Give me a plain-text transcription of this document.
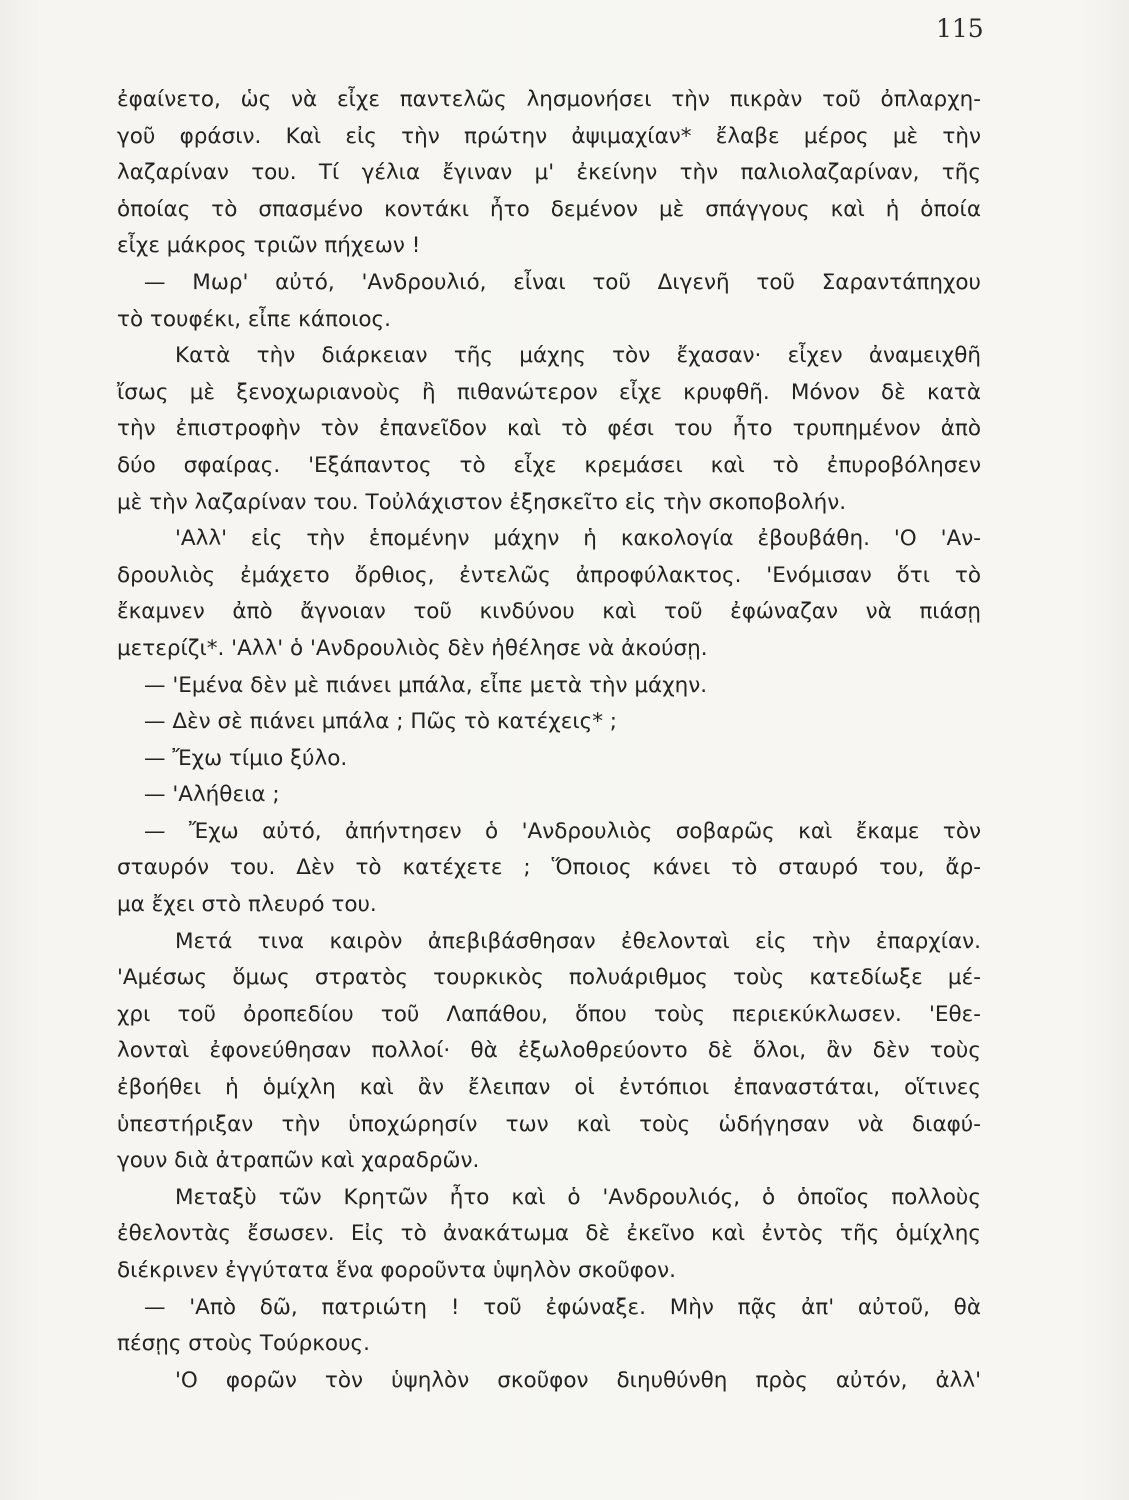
115
ἐφαίνετο, ὡς νὰ εἶχε παντελῶς λησμονήσει τὴν πικρὰν τοῦ ὀπλαρχη-
γοῦ φράσιν. Καὶ εἰς τὴν πρώτην ἀψιμαχίαν* ἔλαβε μέρος μὲ τὴν
λαζαρίναν του. Τί γέλια ἔγιναν μ' ἐκείνην τὴν παλιολαζαρίναν, τῆς
ὁποίας τὸ σπασμένο κοντάκι ἦτο δεμένον μὲ σπάγγους καὶ ἡ ὁποία
εἶχε μάκρος τριῶν πήχεων !
— Μωρ' αὐτό, 'Ανδρουλιό, εἶναι τοῦ Διγενῆ τοῦ Σαραντάπηχου
τὸ τουφέκι, εἶπε κάποιος.
Κατὰ τὴν διάρκειαν τῆς μάχης τὸν ἔχασαν· εἶχεν ἀναμειχθῆ
ἴσως μὲ ξενοχωριανοὺς ἢ πιθανώτερον εἶχε κρυφθῆ. Μόνον δὲ κατὰ
τὴν ἐπιστροφὴν τὸν ἐπανεῖδον καὶ τὸ φέσι του ἦτο τρυπημένον ἀπὸ
δύο σφαίρας. 'Εξάπαντος τὸ εἶχε κρεμάσει καὶ τὸ ἐπυροβόλησεν
μὲ τὴν λαζαρίναν του. Τοὐλάχιστον ἐξησκεῖτο εἰς τὴν σκοποβολήν.
'Αλλ' εἰς τὴν ἑπομένην μάχην ἡ κακολογία ἐβουβάθη. 'Ο 'Αν-
δρουλιὸς ἐμάχετο ὄρθιος, ἐντελῶς ἀπροφύλακτος. 'Ενόμισαν ὅτι τὸ
ἔκαμνεν ἀπὸ ἄγνοιαν τοῦ κινδύνου καὶ τοῦ ἐφώναζαν νὰ πιάσῃ
μετερίζι*. 'Αλλ' ὁ 'Ανδρουλιὸς δὲν ἠθέλησε νὰ ἀκούσῃ.
— 'Εμένα δὲν μὲ πιάνει μπάλα, εἶπε μετὰ τὴν μάχην.
— Δὲν σὲ πιάνει μπάλα ; Πῶς τὸ κατέχεις* ;
— Ἔχω τίμιο ξύλο.
— 'Αλήθεια ;
— Ἔχω αὐτό, ἀπήντησεν ὁ 'Ανδρουλιὸς σοβαρῶς καὶ ἔκαμε τὸν
σταυρόν του. Δὲν τὸ κατέχετε ; Ὅποιος κάνει τὸ σταυρό του, ἄρ-
μα ἔχει στὸ πλευρό του.
Μετά τινα καιρὸν ἀπεβιβάσθησαν ἐθελονταὶ εἰς τὴν ἐπαρχίαν.
'Αμέσως ὅμως στρατὸς τουρκικὸς πολυάριθμος τοὺς κατεδίωξε μέ-
χρι τοῦ ὀροπεδίου τοῦ Λαπάθου, ὅπου τοὺς περιεκύκλωσεν. 'Εθε-
λονταὶ ἐφονεύθησαν πολλοί· θὰ ἐξωλοθρεύοντο δὲ ὅλοι, ἂν δὲν τοὺς
ἐβοήθει ἡ ὁμίχλη καὶ ἂν ἔλειπαν οἱ ἐντόπιοι ἐπαναστάται, οἵτινες
ὑπεστήριξαν τὴν ὑποχώρησίν των καὶ τοὺς ὡδήγησαν νὰ διαφύ-
γουν διὰ ἀτραπῶν καὶ χαραδρῶν.
Μεταξὺ τῶν Κρητῶν ἦτο καὶ ὁ 'Ανδρουλιός, ὁ ὁποῖος πολλοὺς
ἐθελοντὰς ἔσωσεν. Εἰς τὸ ἀνακάτωμα δὲ ἐκεῖνο καὶ ἐντὸς τῆς ὁμίχλης
διέκρινεν ἐγγύτατα ἕνα φοροῦντα ὑψηλὸν σκοῦφον.
— 'Απὸ δῶ, πατριώτη ! τοῦ ἐφώναξε. Μὴν πᾷς ἀπ' αὐτοῦ, θὰ
πέσῃς στοὺς Τούρκους.
'Ο φορῶν τὸν ὑψηλὸν σκοῦφον διηυθύνθη πρὸς αὐτόν, ἀλλ'
